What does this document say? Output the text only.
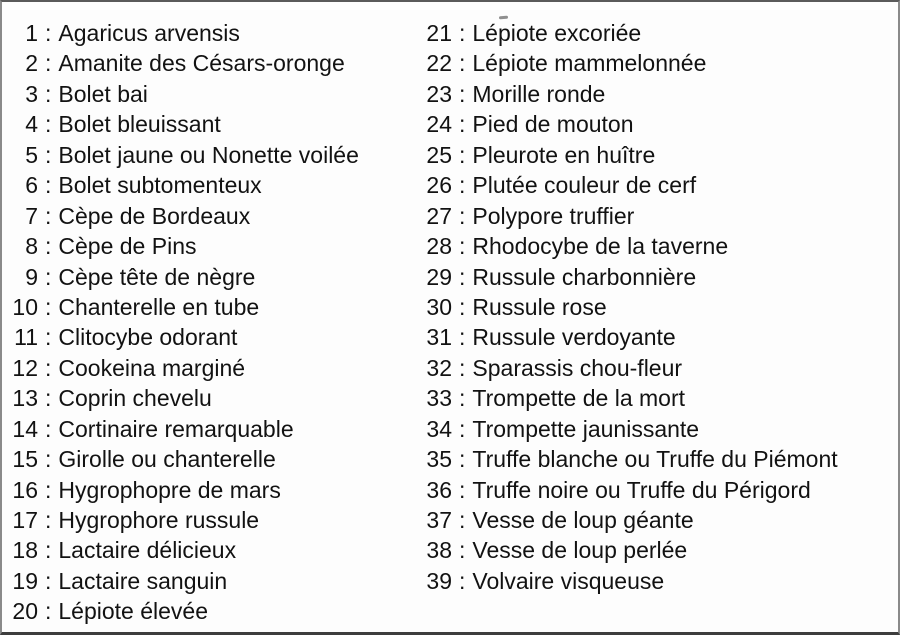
1 : Agaricus arvensis
2 : Amanite des Césars-oronge
3 : Bolet bai
4 : Bolet bleuissant
5 : Bolet jaune ou Nonette voilée
6 : Bolet subtomenteux
7 : Cèpe de Bordeaux
8 : Cèpe de Pins
9 : Cèpe tête de nègre
10 : Chanterelle en tube
11 : Clitocybe odorant
12 : Cookeina marginé
13 : Coprin chevelu
14 : Cortinaire remarquable
15 : Girolle ou chanterelle
16 : Hygrophopre de mars
17 : Hygrophore russule
18 : Lactaire délicieux
19 : Lactaire sanguin
20 : Lépiote élevée
21 : Lépiote excoriée
22 : Lépiote mammelonnée
23 : Morille ronde
24 : Pied de mouton
25 : Pleurote en huître
26 : Plutée couleur de cerf
27 : Polypore truffier
28 : Rhodocybe de la taverne
29 : Russule charbonnière
30 : Russule rose
31 : Russule verdoyante
32 : Sparassis chou-fleur
33 : Trompette de la mort
34 : Trompette jaunissante
35 : Truffe blanche ou Truffe du Piémont
36 : Truffe noire ou Truffe du Périgord
37 : Vesse de loup géante
38 : Vesse de loup perlée
39 : Volvaire visqueuse
